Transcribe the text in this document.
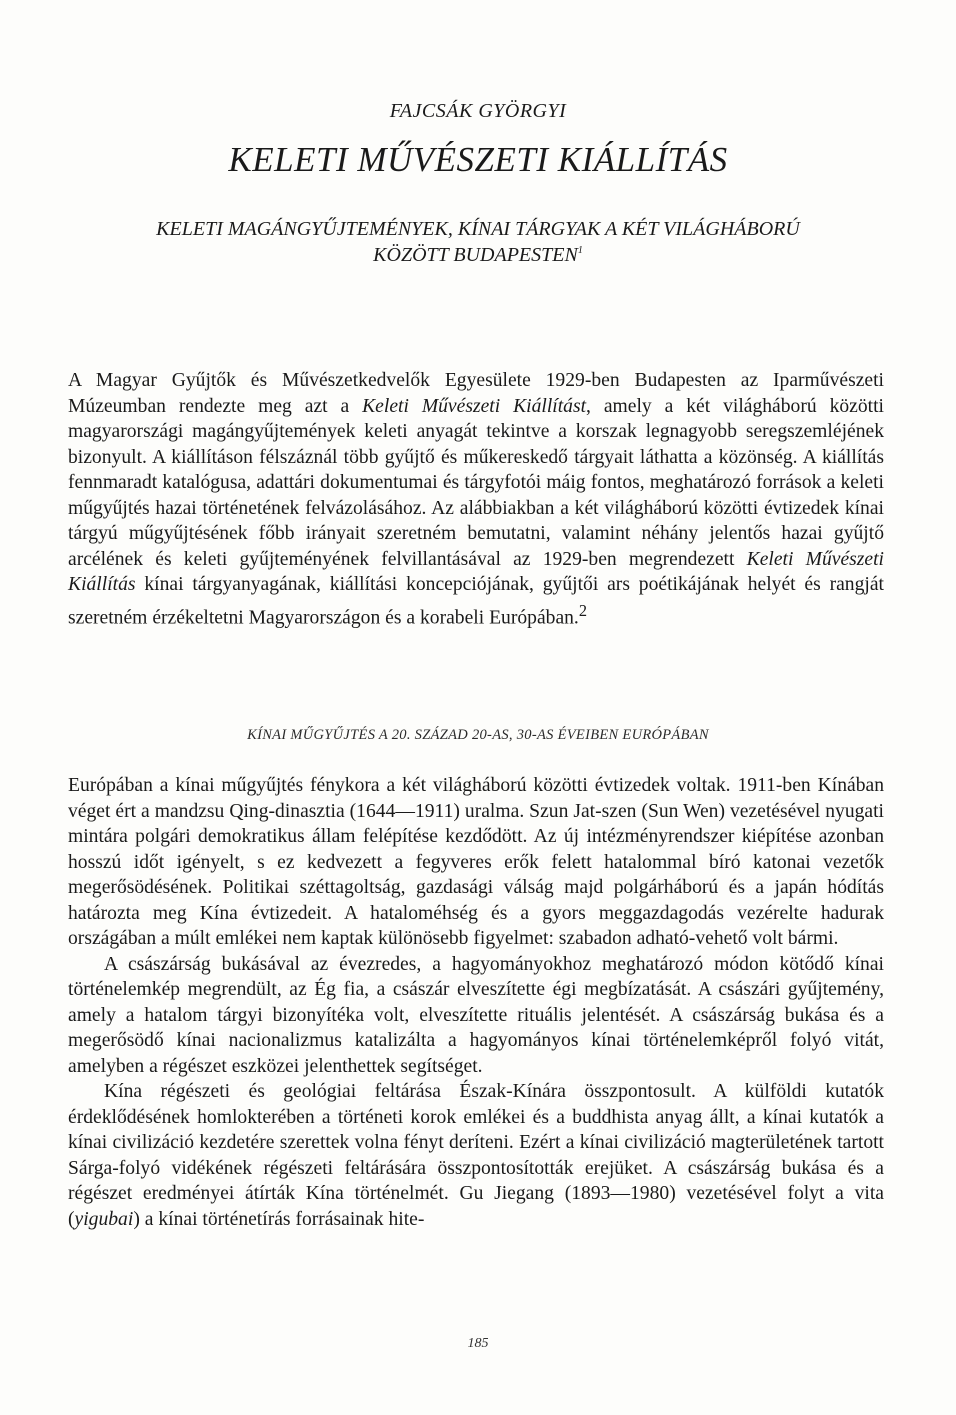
FAJCSÁK GYÖRGYI
KELETI MŰVÉSZETI KIÁLLÍTÁS
KELETI MAGÁNGYŰJTEMÉNYEK, KÍNAI TÁRGYAK A KÉT VILÁGHÁBORÚ
KÖZÖTT BUDAPESTEN$^1$

A Magyar Gyűjtők és Művészetkedvelők Egyesülete 1929-ben Budapesten az Iparművészeti Múzeumban rendezte meg azt a Keleti Művészeti Kiállítást, amely a két világháború közötti magyarországi magángyűjtemények keleti anyagát tekintve a korszak legnagyobb seregszemléjének bizonyult. A kiállításon félszáznál több gyűjtő és műkereskedő tárgyait láthatta a közönség. A kiállítás fennmaradt katalógusa, adattári dokumentumai és tárgyfotói máig fontos, meghatározó források a keleti műgyűjtés hazai történetének felvázolásához. Az alábbiakban a két világháború közötti évtizedek kínai tárgyú műgyűjtésének főbb irányait szeretném bemutatni, valamint néhány jelentős hazai gyűjtő arcélének és keleti gyűjteményének felvillantásával az 1929-ben megrendezett Keleti Művészeti Kiállítás kínai tárgyanyagának, kiállítási koncepciójának, gyűjtői ars poétikájának helyét és rangját szeretném érzékeltetni Magyarországon és a korabeli Európában.$^2$

KÍNAI MŰGYŰJTÉS A 20. SZÁZAD 20-AS, 30-AS ÉVEIBEN EURÓPÁBAN

Európában a kínai műgyűjtés fénykora a két világháború közötti évtizedek voltak. 1911-ben Kínában véget ért a mandzsu Qing-dinasztia (1644—1911) uralma. Szun Jat-szen (Sun Wen) vezetésével nyugati mintára polgári demokratikus állam felépítése kezdődött. Az új intézményrendszer kiépítése azonban hosszú időt igényelt, s ez kedvezett a fegyveres erők felett hatalommal bíró katonai vezetők megerősödésének. Politikai széttagoltság, gazdasági válság majd polgárháború és a japán hódítás határozta meg Kína évtizedeit. A hataloméhség és a gyors meggazdagodás vezérelte hadurak országában a múlt emlékei nem kaptak különösebb figyelmet: szabadon adható-vehető volt bármi.

A császárság bukásával az évezredes, a hagyományokhoz meghatározó módon kötődő kínai történelemkép megrendült, az Ég fia, a császár elveszítette égi megbízatását. A császári gyűjtemény, amely a hatalom tárgyi bizonyítéka volt, elveszítette rituális jelentését. A császárság bukása és a megerősödő kínai nacionalizmus katalizálta a hagyományos kínai történelemképről folyó vitát, amelyben a régészet eszközei jelenthettek segítséget.

Kína régészeti és geológiai feltárása Észak-Kínára összpontosult. A külföldi kutatók érdeklődésének homlokterében a történeti korok emlékei és a buddhista anyag állt, a kínai kutatók a kínai civilizáció kezdetére szerettek volna fényt deríteni. Ezért a kínai civilizáció magterületének tartott Sárga-folyó vidékének régészeti feltárására összpontosították erejüket. A császárság bukása és a régészet eredményei átírták Kína történelmét. Gu Jiegang (1893—1980) vezetésével folyt a vita (yigubai) a kínai történetírás forrásainak hite-

185
